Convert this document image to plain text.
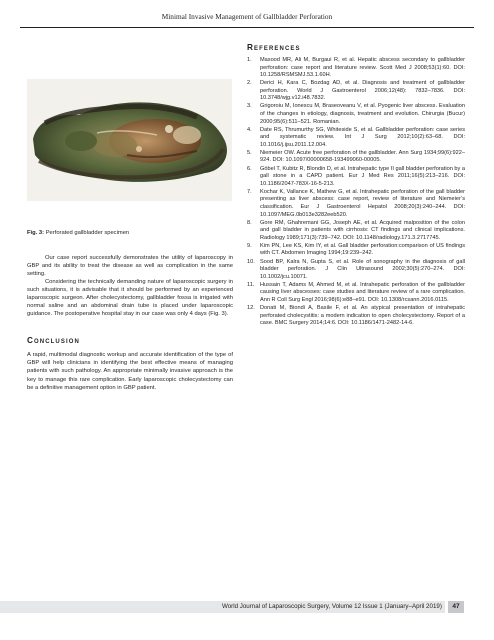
Minimal Invasive Management of Gallbladder Perforation
Fig. 3: Perforated gallbladder specimen

Our case report successfully demonstrates the utility of laparoscopy in GBP and its ability to treat the disease as well as complication in the same setting.

Considering the technically demanding nature of laparoscopic surgery in such situations, it is advisable that it should be performed by an experienced laparoscopic surgeon. After cholecystectomy, gallbladder fossa is irrigated with normal saline and an abdominal drain tube is placed under laparoscopic guidance. The postoperative hospital stay in our case was only 4 days (Fig. 3).

Conclusion

A rapid, multimodal diagnostic workup and accurate identification of the type of GBP will help clinicians in identifying the best effective means of managing patients with such pathology. An appropriate minimally invasive approach is the key to manage this rare complication. Early laparoscopic cholecystectomy can be a definitive management option in GBP patient.

References
1. Masood MR, Ali M, Burgaui R, et al. Hepatic abscess secondary to gallbladder perforation: case report and literature review. Scott Med J 2008;53(1):60. DOI: 10.1258/RSMSMJ.53.1.60H.
2. Derici H, Kara C, Bozdag AD, et al. Diagnosis and treatment of gallbladder perforation. World J Gastroenterol 2006;12(48): 7832–7836. DOI: 10.3748/wjg.v12.i48.7832.
3. Grigoroiu M, Ionescu M, Braseoveanu V, et al. Pyogenic liver abscess. Evaluation of the changes in etiology, diagnosis, treatment and evolution. Chirurgia (Bucur) 2000;95(6):511–521. Romanian.
4. Date RS, Thrumurthy SG, Whiteside S, et al. Gallbladder perforation: case series and systematic review. Int J Surg 2012;10(2):63–68. DOI: 10.1016/j.ijsu.2011.12.004.
5. Niemeier OW. Acute free perforation of the gallbladder. Ann Surg 1934;99(6):922–924. DOI: 10.1097/00000658-193499060-00005.
6. Göbel T, Kubitz R, Blondin D, et al. Intrahepatic type II gall bladder perforation by a gall stone in a CAPD patient. Eur J Med Res 2011;16(5):213–216. DOI: 10.1186/2047-783X-16-5-213.
7. Kochar K, Vallance K, Mathew G, et al. Intrahepatic perforation of the gall bladder presenting as liver abscess: case report, review of literature and Niemeier’s classification. Eur J Gastroenterol Hepatol 2008;20(3):240–244. DOI: 10.1097/MEG.0b013e3282eeb520.
8. Gore RM, Ghahremani GG, Joseph AE, et al. Acquired malposition of the colon and gall bladder in patients with cirrhosis: CT findings and clinical implications. Radiology 1989;171(3):739–742. DOI: 10.1148/radiology.171.3.2717745.
9. Kim PN, Lee KS, Kim IY, et al. Gall bladder perforation:comparison of US findings with CT. Abdomen Imaging 1994;19:239–242.
10. Sood BP, Kalra N, Gupta S, et al. Role of sonography in the diagnosis of gall bladder perforation. J Clin Ultrasound 2002;30(5):270–274. DOI: 10.1002/jcu.10071.
11. Hussain T, Adams M, Ahmed M, et al. Intrahepatic perforation of the gallbladder causing liver abscesses: case studies and literature review of a rare complication. Ann R Coll Surg Engl 2016;98(6):e88–e91. DOI: 10.1308/rcsann.2016.0115.
12. Donati M, Biondi A, Basile F, et al. An atypical presentation of intrahepatic perforated cholecystitis: a modern indication to open cholecystectomy. Report of a case. BMC Surgery 2014;14:6. DOI: 10.1186/1471-2482-14-6.
World Journal of Laparoscopic Surgery, Volume 12 Issue 1 (January–April 2019)	47
